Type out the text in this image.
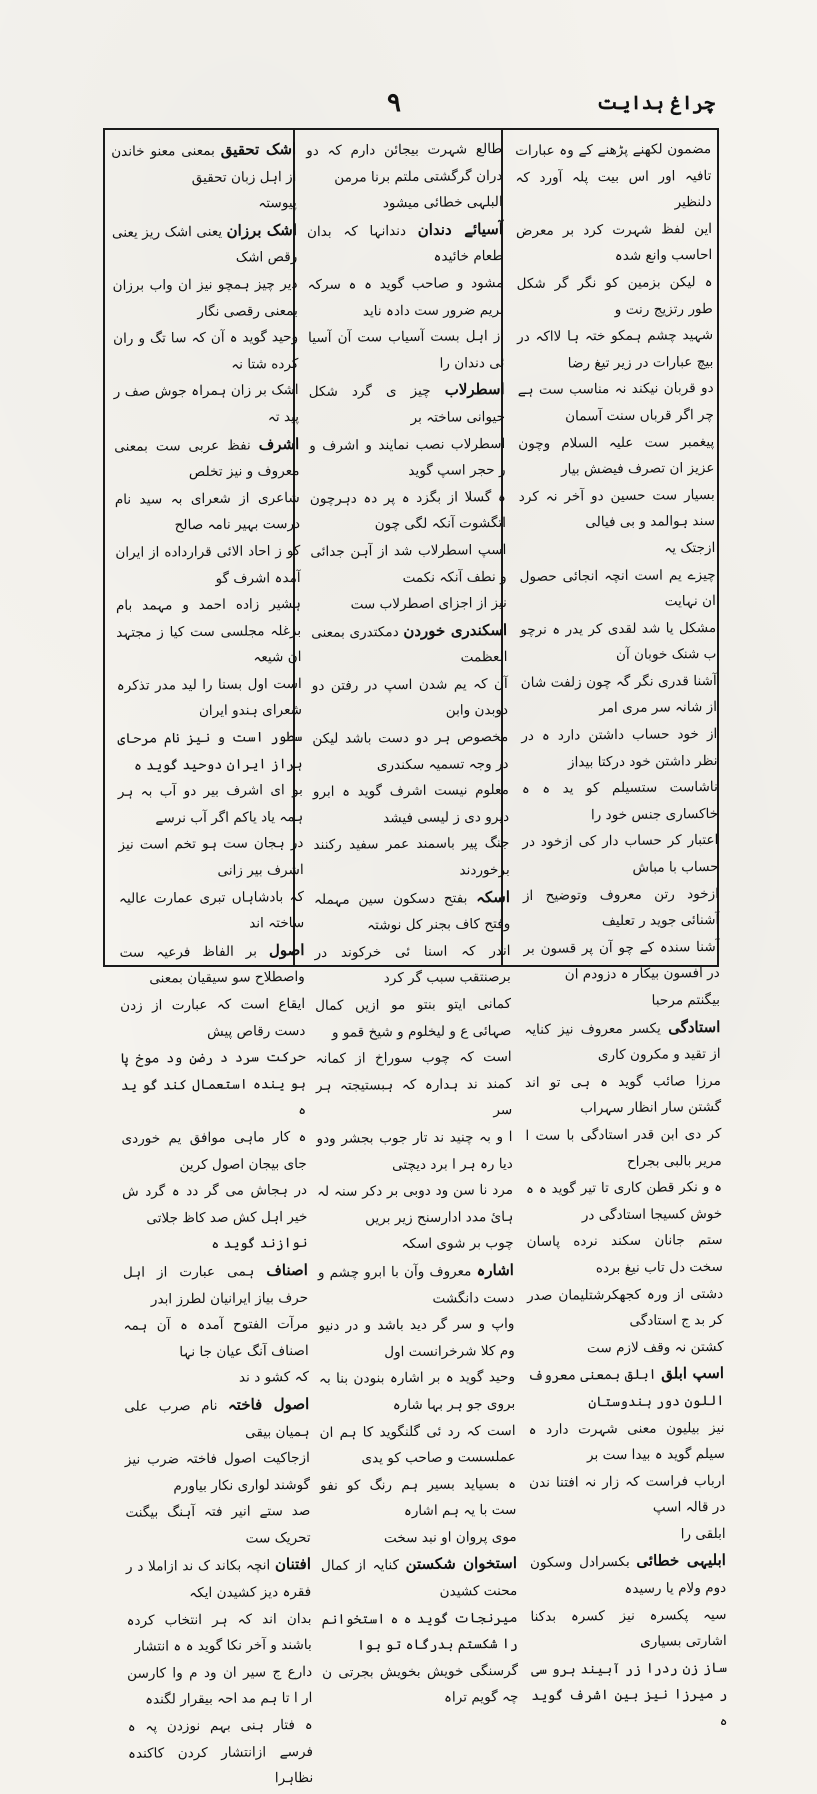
۹	چراغ ہدایت
مضمون لکھنے پڑھنے کے وہ عبارات تافیہ اور اس بیت پلہ آورد کہ دلنظیر
این لفظ شہرت کرد بر معرض احاسب وانع شدہ
ہ لیکن بزمین کو نگر گر شکل طور رتزیج رنت و
شہید چشم ہمکو ختہ ہا لااکہ در بیچ عبارات در زیر تیغ رضا
دو قربان نیکند نہ مناسب ست ہے چر اگر قرباں سنت آسمان
پیغمبر ست علیہ السلام وچون عزیز ان تصرف فیضش بیار
بسیار ست حسین دو آخر نہ کرد سند ہوالمد و بی فیالی
ازجتک یہ
چیزے یم است انچہ انجائی حصول ان نہایت
مشکل یا شد لقدی کر یدر ہ نرچو ب شنک خوبان آن
آشنا قدری نگر گہ چون زلفت شان از شانہ سر مری امر
از خود حساب داشتن دارد ہ در نظر داشتن خود درکتا بیداز
ناشاست ستسیلم کو ید ہ ہ خاکساری جنس خود را
اعتبار کر حساب دار کی ازخود در حساب با مباش
ازخود رتن معروف وتوضیح از آشنائی جوید ر تعلیف
آشنا سندہ کے چو آن پر قسون بر در افسون بیکار ہ دزودم ان
بیگنتم مرحبا
استادگی یکسر معروف نیز کنایہ از تقید و مکرون کاری
مرزا صائب گوید ہ ہی تو اند گشتن سار انظار سہراب
کر دی ابن قدر استادگی با ست ا مریر بالبی بجراح
ہ و نکر قطن کاری تا تیر گوید ہ ہ خوش کسیجا استادگی در
ستم جانان سکند نرده پاسان سخت دل تاب نیغ برده
دشتی از ورہ کجھکرشتلیمان صدر کر بد ج استادگی
کشتن نہ وقف لازم ست
اسپ ابلق ابلق بمعنی معروف اللون دور ہندوستان
نیز بیلیون معنی شہرت دارد ہ سیلم گوید ہ بیدا ست بر
ارباب فراست کہ زار نہ افتنا ندن در قالہ اسپ
ابلقی را
ابلیہی خطائی بکسرادل وسکون دوم ولام یا رسیدہ
سیہ پکسرہ نیز کسرہ بدکنا اشارتی بسیاری
ساز زن ردرا زر آبیند ہرو سی ر میرزا نیز بین اشرف گوید ہ
طالع شہرت بیجائن دارم کہ دو دران گرگشتی ملتم برنا مرمن
البلہی خطائی میشود
آسیائے دندان دندانہا کہ بدان طعام خائیدہ
مشود و صاحب گوید ہ ہ سرکہ بریم ضرور ست دادہ ناید
از اہل بست آسیاب ست آن آسیا ئی دندان را
اسطرلاب چیز ی گرد شکل حیوانی ساختہ بر
اسطرلاب نصب نمایند و اشرف و ر حجر اسپ گوید
ہ گسلا از بگزد ہ پر دہ دہرچون اتگشوت آنکہ لگی چون
اسپ اسطرلاب شد از آہن جدائی و نطف آنکہ نکمت
نیز از اجزای اصطرلاب ست
اسکندری خوردن دمکتدری بمعنی العظمت
آن کہ یم شدن اسپ در رفتن دو دوبدن وابن
مخصوص ہر دو دست باشد لیکن در وجہ تسمیہ سکندری
معلوم نیست اشرف گوید ہ ابرو دیرو دی ز لیسی فیشد
جنگ پیر باسمند عمر سفید رکنند برخوردند
اسکہ بفتح دسکون سین مہملہ وفتح کاف بجنر کل نوشتہ
اندر کہ اسنا ئی خرکوند در برصنتقب سبب گر کرد
کمانی ایتو بنتو مو ازیں کمال صہائی ع و لیخلوم و شیخ قمو و
است کہ چوب سوراخ از کمانہ کمند ند ہدارہ کہ ہبستیجتہ ہر سر
ا و بہ چنید ند تار جوب بجشر ودو دیا رہ ہر ا برد دیچتی
مرد نا سن ود دوبی بر دکر سنہ لہ ہائ مدد ادارسنح زیر بریں
چوب بر شوی اسکہ
اشارہ معروف وآن با ابرو چشم و دست دانگشت
واپ و سر گر دید باشد و در دنیو وم کلا شرخرانست اول
وحید گوید ہ بر اشارہ بنودن بنا بہ بروی جو ہر بہا شارہ
است کہ رد ئی گلنگوید کا ہم ان عملسست و صاحب کو یدی
ہ بسیاید بسیر ہم رنگ کو نفو ست با یہ ہم اشارہ
موی پروان او نبد سخت
استخوان شکستن کنایہ از کمال محنت کشیدن
میرنجات گوید ہ ہ استخوانم را شکستم بدرگاہ تو ہوا
گرسنگی خویش بخویش بجرتی ن چہ گویم تراہ
اشک تحقیق بمعنی معنو خاندن از اہل زبان تحقیق
پیوستہ
اشک برزان یعنی اشک ریز یعنی رقص اشک
دیر چیز ہمچو نیز ان واب برزان بمعنی رقصی نگار
وحید گوید ہ آن کہ سا تگ و ران کرده شتا نہ
اشک بر زان ہمراہ جوش صف ر پید تہ
اشرف نفظ عربی ست بمعنی معروف و نیز تخلص
شاعری از شعرای بہ سید نام درست بہیر نامہ صالح
کو ز احاد الائی قرارداده از ایران آمدہ اشرف گو
ہشیر زاده احمد و مہمد بام بزغلہ مجلسی ست کیا ز مجتہد ان شیعہ
است اول بسنا را لید مدر تذکرہ شعرای ہندو ایران
سطور است و نیز نام مرحای ہراز ایران دوحید گوید ہ
بو ای اشرف بیر دو آب بہ ہر ہمہ یاد یاکم اگر آب نرسے
در ہجان ست ہو تخم است نیز اشرف بیر زانی
کہ بادشاہاں تبری عمارت عالیہ ساختہ اند
اصول بر الفاظ فرعیہ ست واصطلاح سو سیقیان بمعنی
ایقاع است کہ عبارت از زدن دست رقاص پیش
حرکت سرد د رضن ود موخ پا ہو یندہ استعمال کند گو ید ہ
ہ کار ماہی موافق یم خوردی جای بیجان اصول کرین
در ہجاش می گر دد ہ گرد ش خیر اہل کش صد کاظ جلاتی
نوازند گوید ہ
اصناف ہمی عبارت از اہل حرف بیاز ایرانیان لطرز ابدر
مرآت الفتوح آمدہ ہ آن ہمہ اصناف آنگ عیان جا نہا
کہ کشو د ند
اصول فاختہ نام صرب علی ہمیان بیقی
ازجاکیت اصول فاختہ ضرب نیز گوشند لواری نکار بیاورم
صد ستے انیر فتہ آہنگ بیگنت تحریک ست
افتنان انچہ بکاند ک ند ازاملا د ر فقرہ دیز کشیدن ایکہ
بدان اند کہ ہر انتخاب کردہ باشند و آخر نکا گوید ہ ہ انتشار
دارع ج سیر ان ود م وا کارسن ار ا تا ہم مد احہ بیقرار لگندہ
ہ فتار ہنی بہم نوزدن پہ ہ فرسے ازانتشار کردن کاکندہ نظاہرا
